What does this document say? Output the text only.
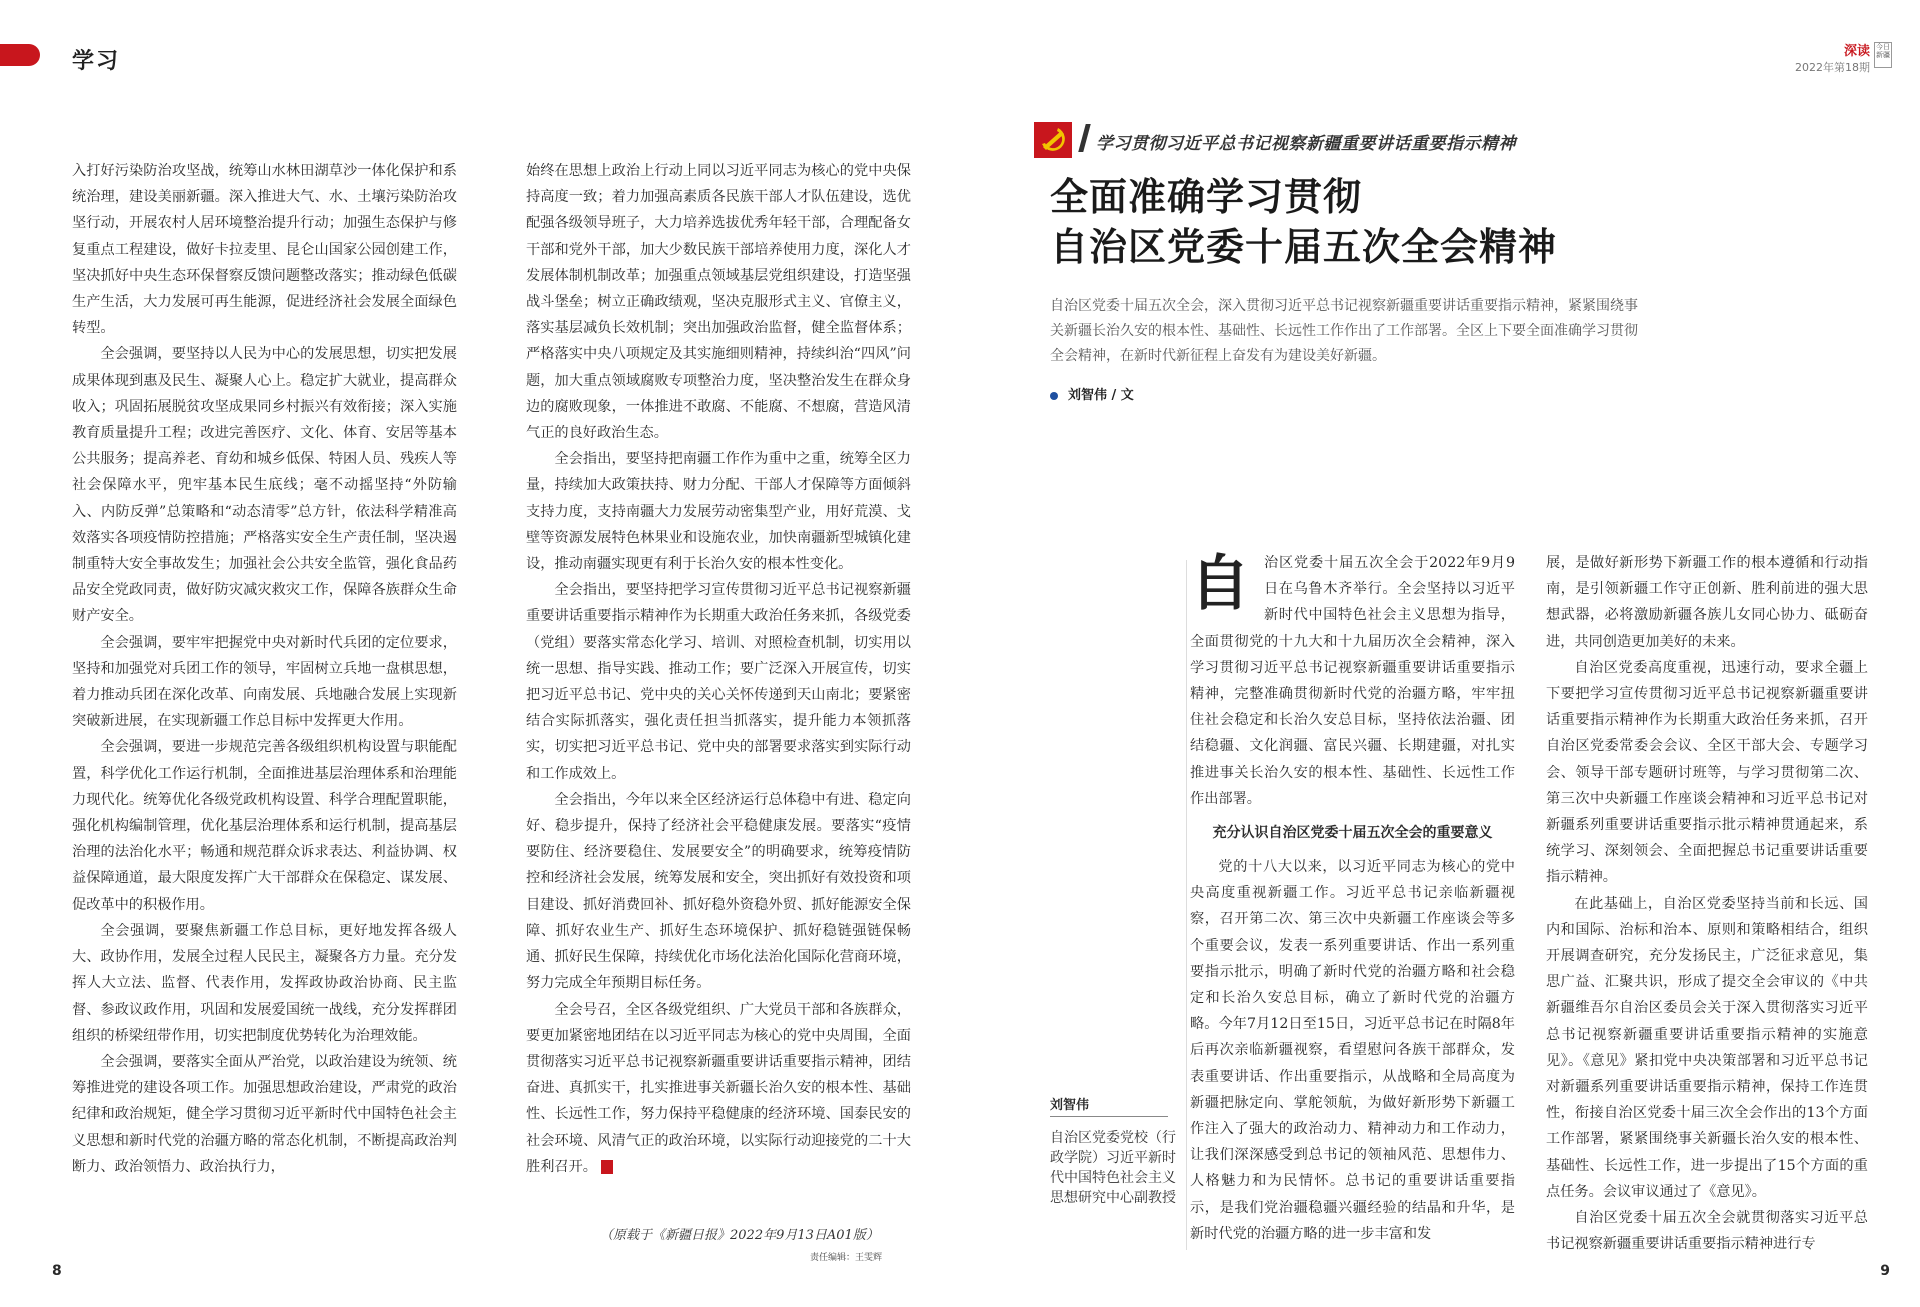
学习	深读
2022年第18期
今日新疆

入打好污染防治攻坚战，统筹山水林田湖草沙一体化保护和系统治理，建设美丽新疆。深入推进大气、水、土壤污染防治攻坚行动，开展农村人居环境整治提升行动；加强生态保护与修复重点工程建设，做好卡拉麦里、昆仑山国家公园创建工作，坚决抓好中央生态环保督察反馈问题整改落实；推动绿色低碳生产生活，大力发展可再生能源，促进经济社会发展全面绿色转型。

全会强调，要坚持以人民为中心的发展思想，切实把发展成果体现到惠及民生、凝聚人心上。稳定扩大就业，提高群众收入；巩固拓展脱贫攻坚成果同乡村振兴有效衔接；深入实施教育质量提升工程；改进完善医疗、文化、体育、安居等基本公共服务；提高养老、育幼和城乡低保、特困人员、残疾人等社会保障水平，兜牢基本民生底线；毫不动摇坚持“外防输入、内防反弹”总策略和“动态清零”总方针，依法科学精准高效落实各项疫情防控措施；严格落实安全生产责任制，坚决遏制重特大安全事故发生；加强社会公共安全监管，强化食品药品安全党政同责，做好防灾减灾救灾工作，保障各族群众生命财产安全。

全会强调，要牢牢把握党中央对新时代兵团的定位要求，坚持和加强党对兵团工作的领导，牢固树立兵地一盘棋思想，着力推动兵团在深化改革、向南发展、兵地融合发展上实现新突破新进展，在实现新疆工作总目标中发挥更大作用。

全会强调，要进一步规范完善各级组织机构设置与职能配置，科学优化工作运行机制，全面推进基层治理体系和治理能力现代化。统筹优化各级党政机构设置、科学合理配置职能，强化机构编制管理，优化基层治理体系和运行机制，提高基层治理的法治化水平；畅通和规范群众诉求表达、利益协调、权益保障通道，最大限度发挥广大干部群众在保稳定、谋发展、促改革中的积极作用。

全会强调，要聚焦新疆工作总目标，更好地发挥各级人大、政协作用，发展全过程人民民主，凝聚各方力量。充分发挥人大立法、监督、代表作用，发挥政协政治协商、民主监督、参政议政作用，巩固和发展爱国统一战线，充分发挥群团组织的桥梁纽带作用，切实把制度优势转化为治理效能。

全会强调，要落实全面从严治党，以政治建设为统领、统筹推进党的建设各项工作。加强思想政治建设，严肃党的政治纪律和政治规矩，健全学习贯彻习近平新时代中国特色社会主义思想和新时代党的治疆方略的常态化机制，不断提高政治判断力、政治领悟力、政治执行力，

始终在思想上政治上行动上同以习近平同志为核心的党中央保持高度一致；着力加强高素质各民族干部人才队伍建设，选优配强各级领导班子，大力培养选拔优秀年轻干部，合理配备女干部和党外干部，加大少数民族干部培养使用力度，深化人才发展体制机制改革；加强重点领域基层党组织建设，打造坚强战斗堡垒；树立正确政绩观，坚决克服形式主义、官僚主义，落实基层减负长效机制；突出加强政治监督，健全监督体系；严格落实中央八项规定及其实施细则精神，持续纠治“四风”问题，加大重点领域腐败专项整治力度，坚决整治发生在群众身边的腐败现象，一体推进不敢腐、不能腐、不想腐，营造风清气正的良好政治生态。

全会指出，要坚持把南疆工作作为重中之重，统筹全区力量，持续加大政策扶持、财力分配、干部人才保障等方面倾斜支持力度，支持南疆大力发展劳动密集型产业，用好荒漠、戈壁等资源发展特色林果业和设施农业，加快南疆新型城镇化建设，推动南疆实现更有利于长治久安的根本性变化。

全会指出，要坚持把学习宣传贯彻习近平总书记视察新疆重要讲话重要指示精神作为长期重大政治任务来抓，各级党委（党组）要落实常态化学习、培训、对照检查机制，切实用以统一思想、指导实践、推动工作；要广泛深入开展宣传，切实把习近平总书记、党中央的关心关怀传递到天山南北；要紧密结合实际抓落实，强化责任担当抓落实，提升能力本领抓落实，切实把习近平总书记、党中央的部署要求落实到实际行动和工作成效上。

全会指出，今年以来全区经济运行总体稳中有进、稳定向好、稳步提升，保持了经济社会平稳健康发展。要落实“疫情要防住、经济要稳住、发展要安全”的明确要求，统筹疫情防控和经济社会发展，统筹发展和安全，突出抓好有效投资和项目建设、抓好消费回补、抓好稳外资稳外贸、抓好能源安全保障、抓好农业生产、抓好生态环境保护、抓好稳链强链保畅通、抓好民生保障，持续优化市场化法治化国际化营商环境，努力完成全年预期目标任务。

全会号召，全区各级党组织、广大党员干部和各族群众，要更加紧密地团结在以习近平同志为核心的党中央周围，全面贯彻落实习近平总书记视察新疆重要讲话重要指示精神，团结奋进、真抓实干，扎实推进事关新疆长治久安的根本性、基础性、长远性工作，努力保持平稳健康的经济环境、国泰民安的社会环境、风清气正的政治环境，以实际行动迎接党的二十大胜利召开。

（原载于《新疆日报》2022年9月13日A01版）
责任编辑：王雯辉
8
学习贯彻习近平总书记视察新疆重要讲话重要指示精神
全面准确学习贯彻
自治区党委十届五次全会精神
自治区党委十届五次全会，深入贯彻习近平总书记视察新疆重要讲话重要指示精神，紧紧围绕事关新疆长治久安的根本性、基础性、长远性工作作出了工作部署。全区上下要全面准确学习贯彻全会精神，在新时代新征程上奋发有为建设美好新疆。
刘智伟 / 文
刘智伟
自治区党委党校（行政学院）习近平新时代中国特色社会主义思想研究中心副教授

自治区党委十届五次全会于2022年9月9日在乌鲁木齐举行。全会坚持以习近平新时代中国特色社会主义思想为指导，全面贯彻党的十九大和十九届历次全会精神，深入学习贯彻习近平总书记视察新疆重要讲话重要指示精神，完整准确贯彻新时代党的治疆方略，牢牢扭住社会稳定和长治久安总目标，坚持依法治疆、团结稳疆、文化润疆、富民兴疆、长期建疆，对扎实推进事关长治久安的根本性、基础性、长远性工作作出部署。

充分认识自治区党委十届五次全会的重要意义

党的十八大以来，以习近平同志为核心的党中央高度重视新疆工作。习近平总书记亲临新疆视察，召开第二次、第三次中央新疆工作座谈会等多个重要会议，发表一系列重要讲话、作出一系列重要指示批示，明确了新时代党的治疆方略和社会稳定和长治久安总目标，确立了新时代党的治疆方略。今年7月12日至15日，习近平总书记在时隔8年后再次亲临新疆视察，看望慰问各族干部群众，发表重要讲话、作出重要指示，从战略和全局高度为新疆把脉定向、掌舵领航，为做好新形势下新疆工作注入了强大的政治动力、精神动力和工作动力，让我们深深感受到总书记的领袖风范、思想伟力、人格魅力和为民情怀。总书记的重要讲话重要指示，是我们党治疆稳疆兴疆经验的结晶和升华，是新时代党的治疆方略的进一步丰富和发

展，是做好新形势下新疆工作的根本遵循和行动指南，是引领新疆工作守正创新、胜利前进的强大思想武器，必将激励新疆各族儿女同心协力、砥砺奋进，共同创造更加美好的未来。

自治区党委高度重视，迅速行动，要求全疆上下要把学习宣传贯彻习近平总书记视察新疆重要讲话重要指示精神作为长期重大政治任务来抓，召开自治区党委常委会会议、全区干部大会、专题学习会、领导干部专题研讨班等，与学习贯彻第二次、第三次中央新疆工作座谈会精神和习近平总书记对新疆系列重要讲话重要指示批示精神贯通起来，系统学习、深刻领会、全面把握总书记重要讲话重要指示精神。

在此基础上，自治区党委坚持当前和长远、国内和国际、治标和治本、原则和策略相结合，组织开展调查研究，充分发扬民主，广泛征求意见，集思广益、汇聚共识，形成了提交全会审议的《中共新疆维吾尔自治区委员会关于深入贯彻落实习近平总书记视察新疆重要讲话重要指示精神的实施意见》。《意见》紧扣党中央决策部署和习近平总书记对新疆系列重要讲话重要指示精神，保持工作连贯性，衔接自治区党委十届三次全会作出的13个方面工作部署，紧紧围绕事关新疆长治久安的根本性、基础性、长远性工作，进一步提出了15个方面的重点任务。会议审议通过了《意见》。

自治区党委十届五次全会就贯彻落实习近平总书记视察新疆重要讲话重要指示精神进行专

9
